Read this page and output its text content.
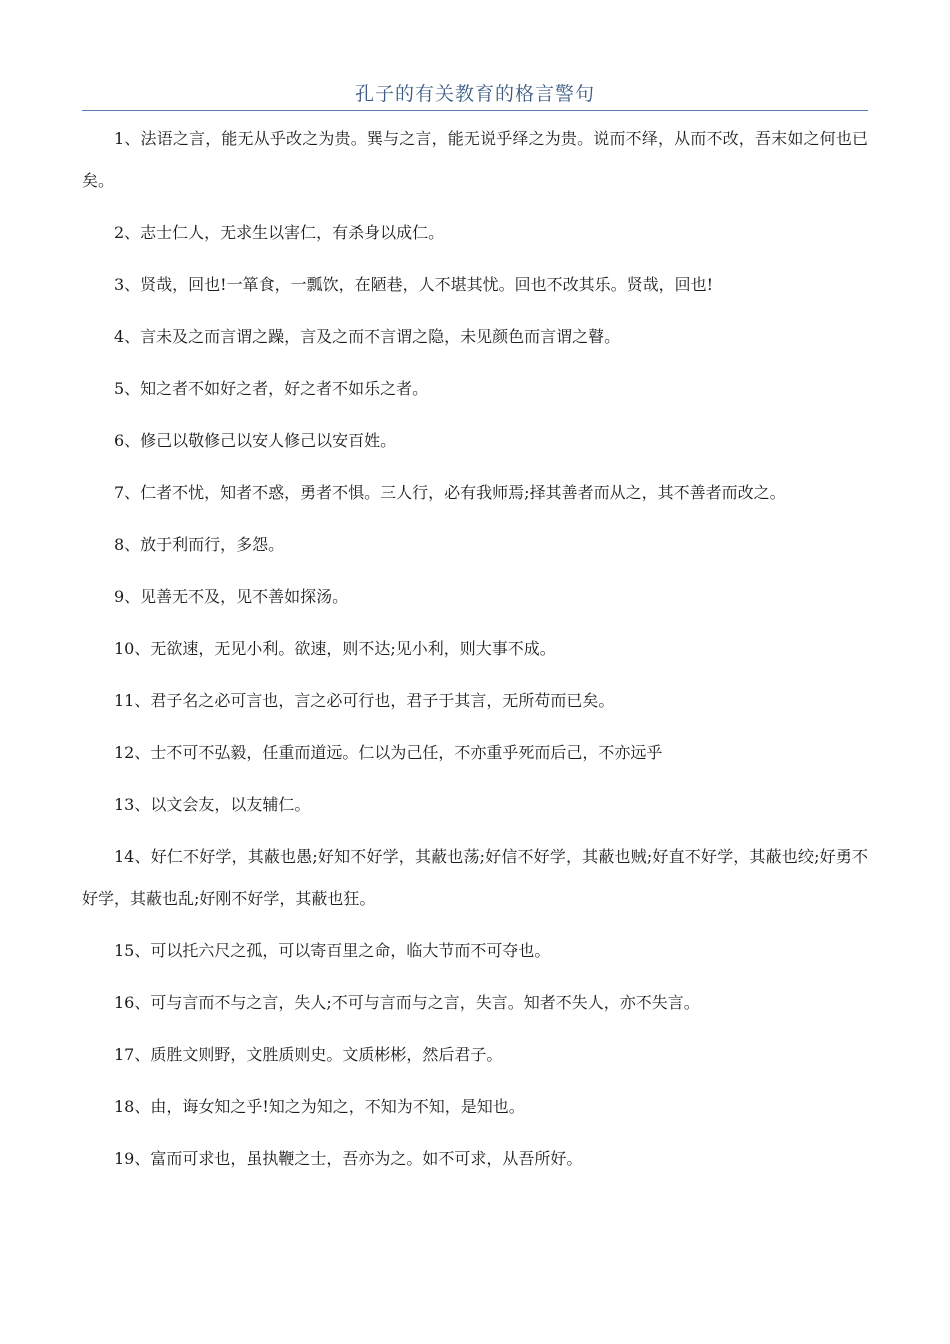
孔子的有关教育的格言警句

1、法语之言，能无从乎改之为贵。巽与之言，能无说乎绎之为贵。说而不绎，从而不改，吾末如之何也已矣。

2、志士仁人，无求生以害仁，有杀身以成仁。

3、贤哉，回也!一箪食，一瓢饮，在陋巷，人不堪其忧。回也不改其乐。贤哉，回也!

4、言未及之而言谓之躁，言及之而不言谓之隐，未见颜色而言谓之瞽。

5、知之者不如好之者，好之者不如乐之者。

6、修己以敬修己以安人修己以安百姓。

7、仁者不忧，知者不惑，勇者不惧。三人行，必有我师焉;择其善者而从之，其不善者而改之。

8、放于利而行，多怨。

9、见善无不及，见不善如探汤。

10、无欲速，无见小利。欲速，则不达;见小利，则大事不成。

11、君子名之必可言也，言之必可行也，君子于其言，无所苟而已矣。

12、士不可不弘毅，任重而道远。仁以为己任，不亦重乎死而后己，不亦远乎

13、以文会友，以友辅仁。

14、好仁不好学，其蔽也愚;好知不好学，其蔽也荡;好信不好学，其蔽也贼;好直不好学，其蔽也绞;好勇不好学，其蔽也乱;好刚不好学，其蔽也狂。

15、可以托六尺之孤，可以寄百里之命，临大节而不可夺也。

16、可与言而不与之言，失人;不可与言而与之言，失言。知者不失人，亦不失言。

17、质胜文则野，文胜质则史。文质彬彬，然后君子。

18、由，诲女知之乎!知之为知之，不知为不知，是知也。

19、富而可求也，虽执鞭之士，吾亦为之。如不可求，从吾所好。
